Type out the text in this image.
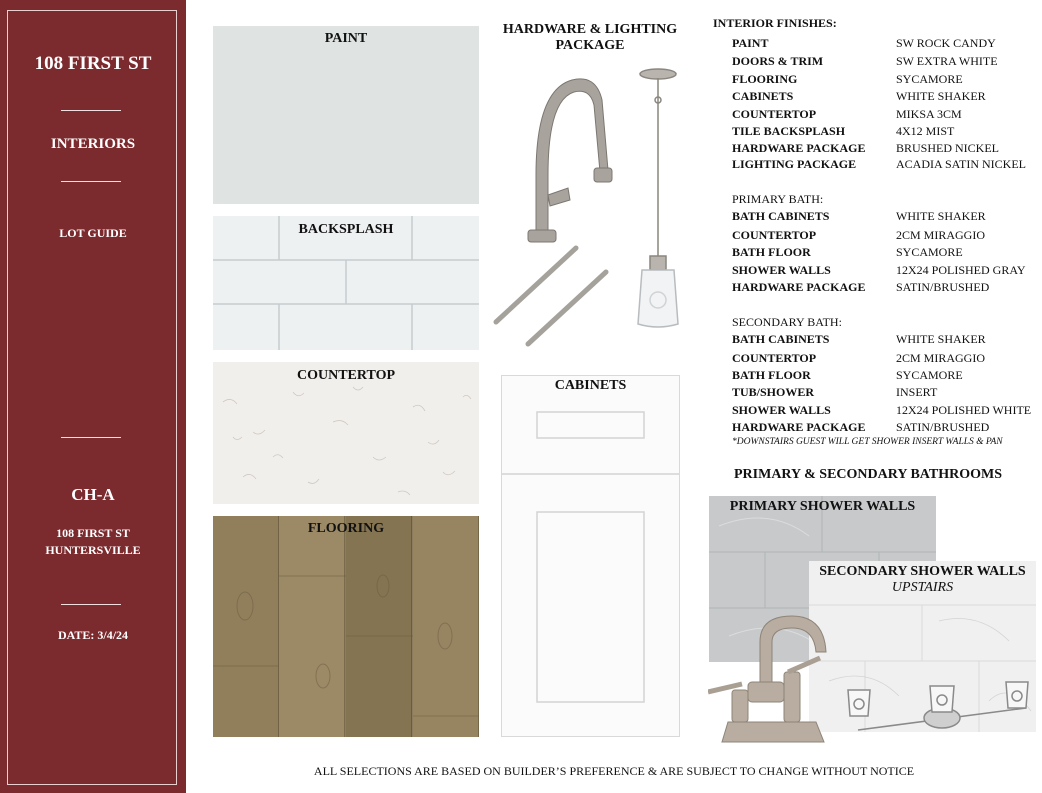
108 FIRST ST
INTERIORS
LOT GUIDE
CH-A
108 FIRST ST
HUNTERSVILLE
DATE: 3/4/24
PAINT
BACKSPLASH
COUNTERTOP
FLOORING
HARDWARE & LIGHTING
PACKAGE
CABINETS
INTERIOR FINISHES:
PAINT	SW ROCK CANDY
DOORS & TRIM	SW EXTRA WHITE
FLOORING	SYCAMORE
CABINETS	WHITE SHAKER
COUNTERTOP	MIKSA 3CM
TILE BACKSPLASH	4X12 MIST
HARDWARE PACKAGE	BRUSHED NICKEL
LIGHTING PACKAGE	ACADIA SATIN NICKEL
PRIMARY BATH:
BATH CABINETS	WHITE SHAKER
COUNTERTOP	2CM MIRAGGIO
BATH FLOOR	SYCAMORE
SHOWER WALLS	12X24 POLISHED GRAY
HARDWARE PACKAGE	SATIN/BRUSHED
SECONDARY BATH:
BATH CABINETS	WHITE SHAKER
COUNTERTOP	2CM MIRAGGIO
BATH FLOOR	SYCAMORE
TUB/SHOWER	INSERT
SHOWER WALLS	12X24 POLISHED WHITE
HARDWARE PACKAGE	SATIN/BRUSHED
*DOWNSTAIRS GUEST WILL GET SHOWER INSERT WALLS & PAN
PRIMARY & SECONDARY BATHROOMS
PRIMARY SHOWER WALLS
SECONDARY SHOWER WALLS
UPSTAIRS
ALL SELECTIONS ARE BASED ON BUILDER’S PREFERENCE & ARE SUBJECT TO CHANGE WITHOUT NOTICE
